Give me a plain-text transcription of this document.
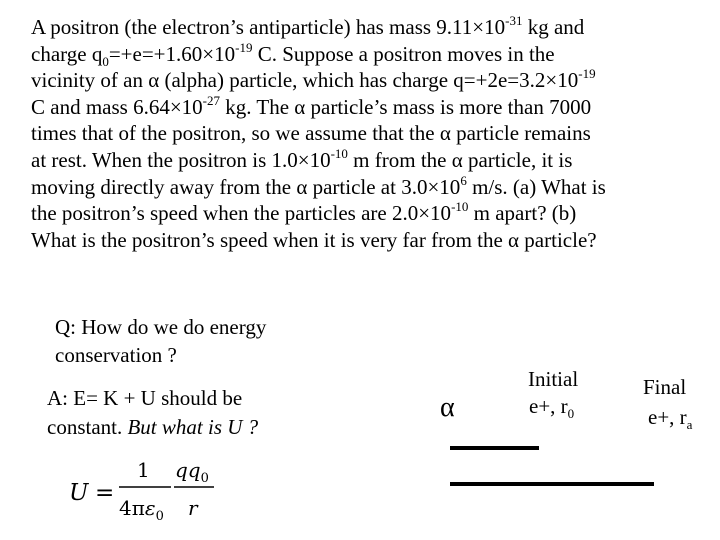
A positron (the electron’s antiparticle) has mass $9.11\times 10^{-31}$ kg and
charge $q_0=+e=+1.60\times 10^{-19}$ C. Suppose a positron moves in the
vicinity of an α (alpha) particle, which has charge $q=+2e=3.2\times 10^{-19}$
C and mass $6.64\times 10^{-27}$ kg. The α particle’s mass is more than 7000
times that of the positron, so we assume that the α particle remains
at rest. When the positron is $1.0\times 10^{-10}$ m from the α particle, it is
moving directly away from the α particle at $3.0\times 10^6$ m/s. (a) What is
the positron’s speed when the particles are $2.0\times 10^{-10}$ m apart? (b)
What is the positron’s speed when it is very far from the α particle?
Q: How do we do energy
conservation ?
A: E= K + U should be
constant. But what is U ?
α
Initial
e+, $r_0$
Final
e+, $r_a$
U =
1
$4\pi\varepsilon_0$
$qq_0$
r
